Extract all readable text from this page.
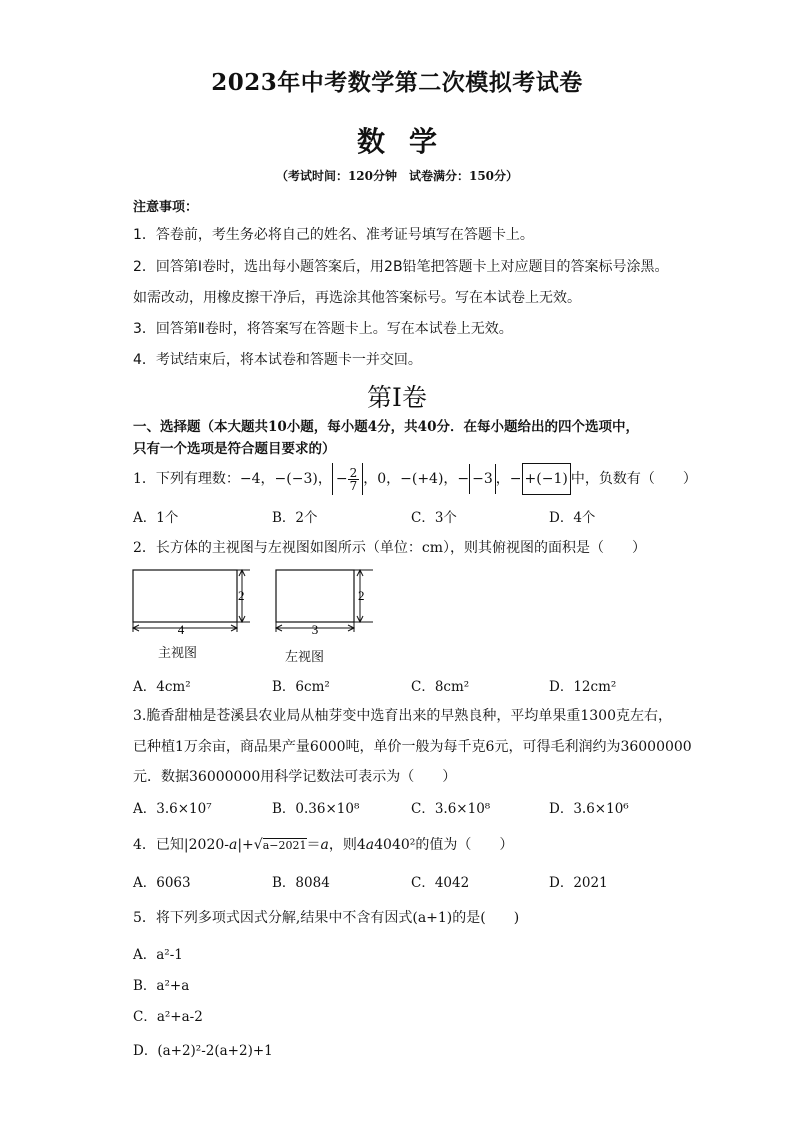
2023年中考数学第二次模拟考试卷
数学
（考试时间：120分钟　试卷满分：150分）
注意事项：
1．答卷前，考生务必将自己的姓名、准考证号填写在答题卡上。
2．回答第Ⅰ卷时，选出每小题答案后，用2B铅笔把答题卡上对应题目的答案标号涂黑。
如需改动，用橡皮擦干净后，再选涂其他答案标号。写在本试卷上无效。
3．回答第Ⅱ卷时，将答案写在答题卡上。写在本试卷上无效。
4．考试结束后，将本试卷和答题卡一并交回。
第Ⅰ卷
一、选择题（本大题共10小题，每小题4分，共40分．在每小题给出的四个选项中，
只有一个选项是符合题目要求的）
1．下列有理数：−4，−(−3)， − $\frac{2}{7}$ ，0，−(+4)，− −3 ，− +(−1) 中，负数有（　　）
A．1个	B．2个	C．3个	D．4个
2．长方体的主视图与左视图如图所示（单位：cm），则其俯视图的面积是（　　）
4
2
3
2
主视图	左视图
A．4cm²	B．6cm²	C．8cm²	D．12cm²
3.脆香甜柚是苍溪县农业局从柚芽变中选育出来的早熟良种，平均单果重1300克左右，
已种植1万余亩，商品果产量6000吨，单价一般为每千克6元，可得毛利润约为36000000
元．数据36000000用科学记数法可表示为（　　）
A．3.6×10⁷	B．0.36×10⁸	C．3.6×10⁸	D．3.6×10⁶
4．已知|2020-a|+√a−2021＝a，则4a4040²的值为（　　）
A．6063	B．8084	C．4042	D．2021
5．将下列多项式因式分解,结果中不含有因式(a+1)的是(　　)
A．a²-1
B．a²+a
C．a²+a-2
D．(a+2)²-2(a+2)+1
